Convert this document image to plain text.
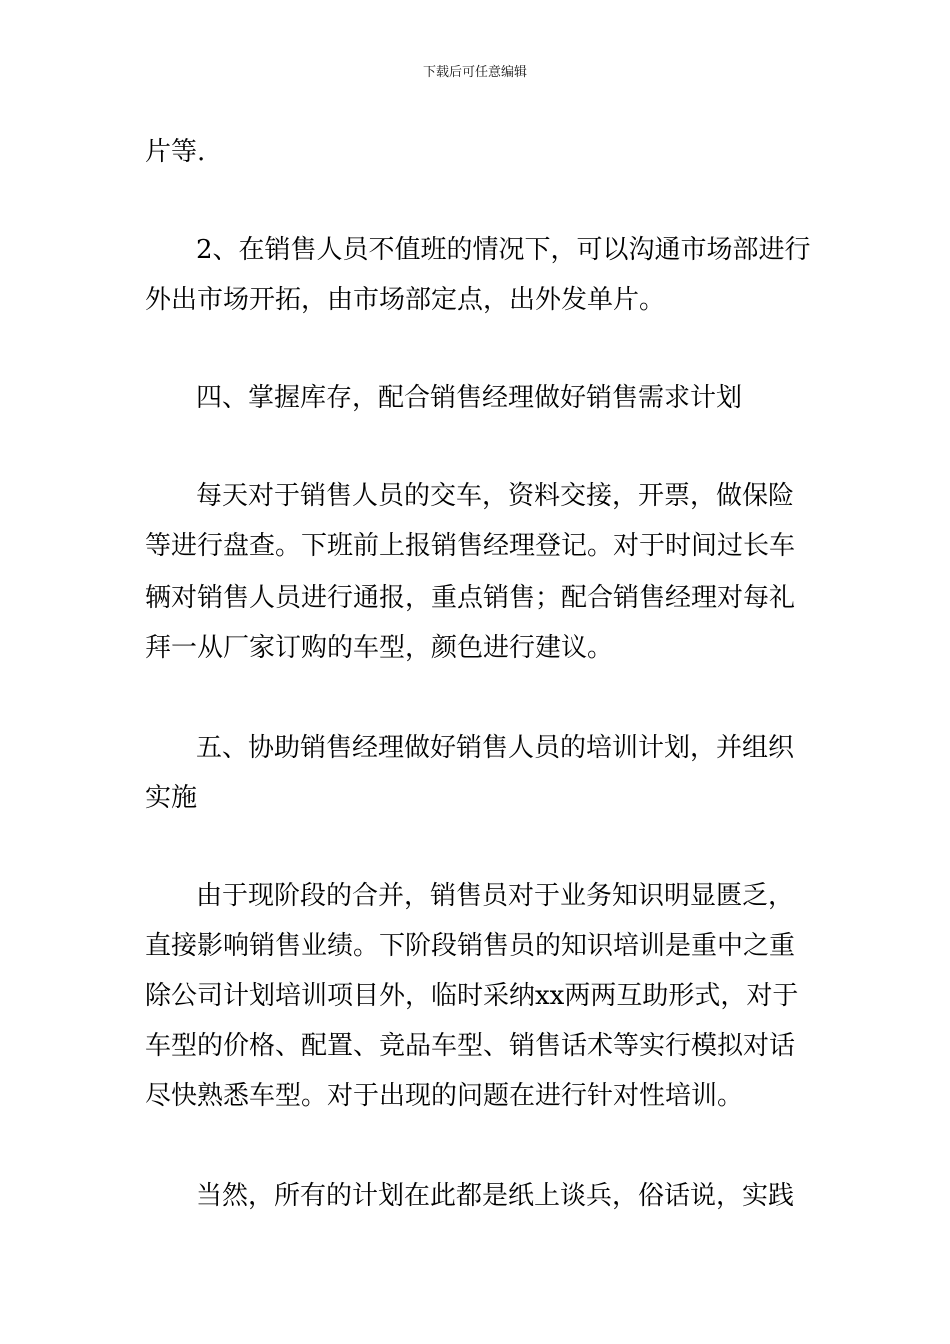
下载后可任意编辑
片等.
2、在销售人员不值班的情况下，可以沟通市场部进行
外出市场开拓，由市场部定点，出外发单片。
四、掌握库存，配合销售经理做好销售需求计划
每天对于销售人员的交车，资料交接，开票，做保险
等进行盘查。下班前上报销售经理登记。对于时间过长车
辆对销售人员进行通报，重点销售；配合销售经理对每礼
拜一从厂家订购的车型，颜色进行建议。
五、协助销售经理做好销售人员的培训计划，并组织
实施
由于现阶段的合并，销售员对于业务知识明显匮乏，
直接影响销售业绩。下阶段销售员的知识培训是重中之重
除公司计划培训项目外，临时采纳xx两两互助形式，对于
车型的价格、配置、竞品车型、销售话术等实行模拟对话
尽快熟悉车型。对于出现的问题在进行针对性培训。
当然，所有的计划在此都是纸上谈兵，俗话说，实践
